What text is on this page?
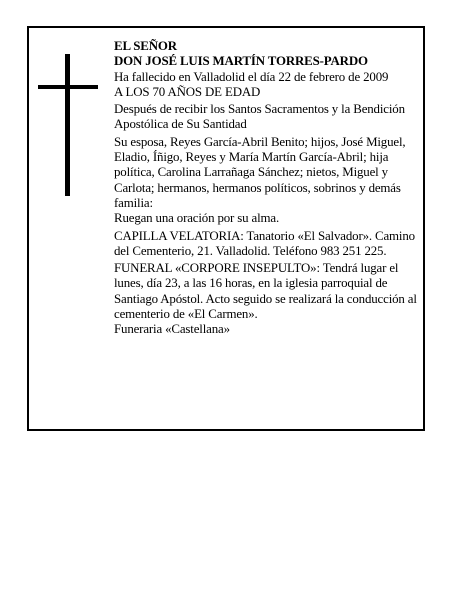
EL SEÑOR
DON JOSÉ LUIS MARTÍN TORRES-PARDO
Ha fallecido en Valladolid el día 22 de febrero de 2009

A LOS 70 AÑOS DE EDAD

Después de recibir los Santos Sacramentos y la Bendición Apostólica de Su Santidad

Su esposa, Reyes García-Abril Benito; hijos, José Miguel, Eladio, Íñigo, Reyes y María Martín García-Abril; hija política, Carolina Larrañaga Sánchez; nietos, Miguel y Carlota; hermanos, hermanos políticos, sobrinos y demás familia:

Ruegan una oración por su alma.

CAPILLA VELATORIA: Tanatorio «El Salvador». Camino del Cementerio, 21. Valladolid. Teléfono 983 251 225.

FUNERAL «CORPORE INSEPULTO»: Tendrá lugar el lunes, día 23, a las 16 horas, en la iglesia parroquial de Santiago Apóstol. Acto seguido se realizará la conducción al cementerio de «El Carmen».
Funeraria «Castellana»
